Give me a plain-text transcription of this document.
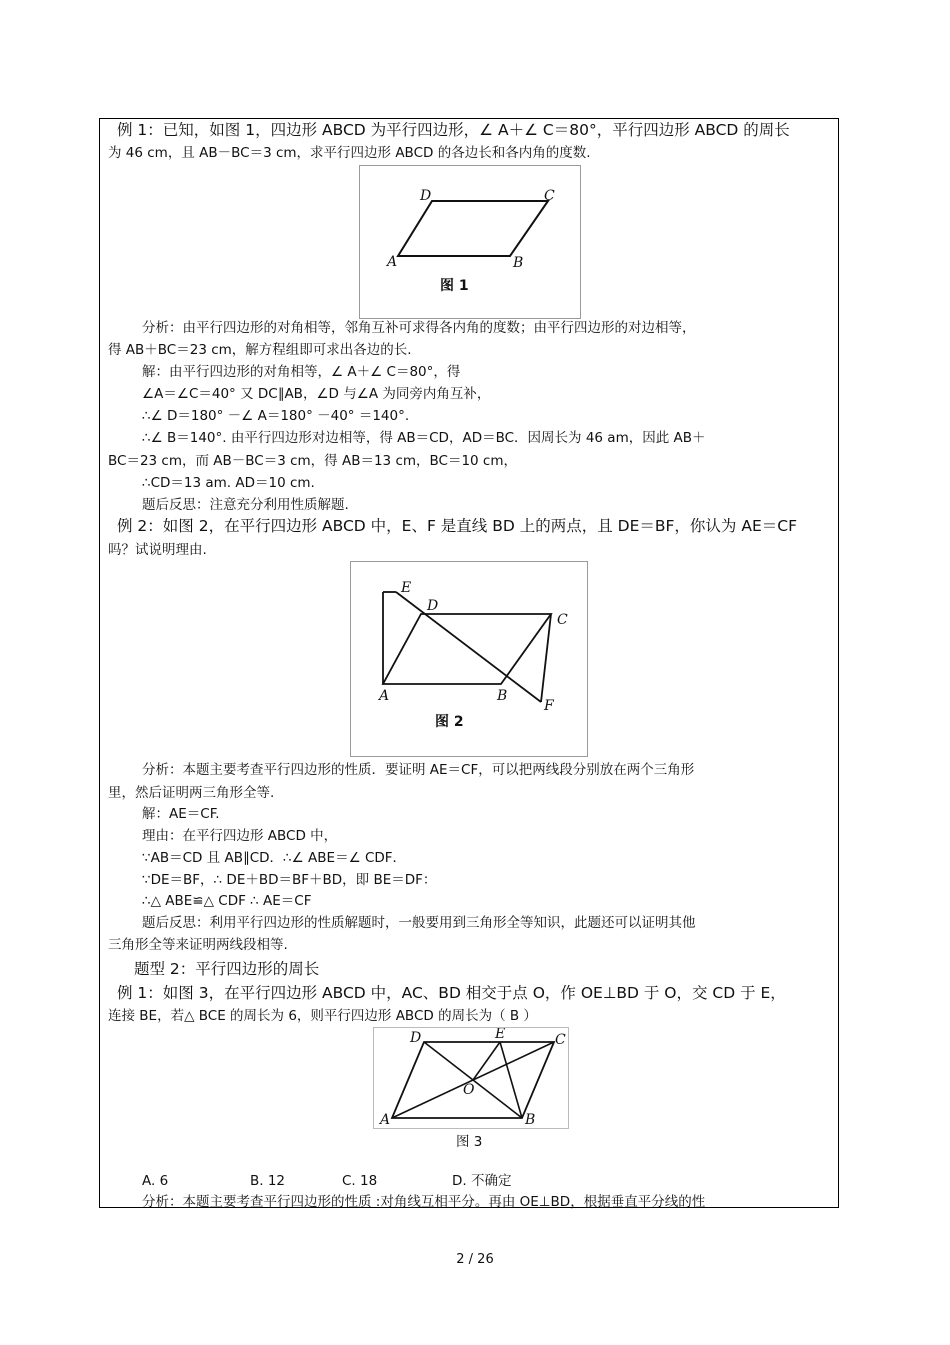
例 1：已知，如图 1，四边形 ABCD 为平行四边形，∠ A＋∠ C＝80°，平行四边形 ABCD 的周长
为 46 cm，且 AB－BC＝3 cm，求平行四边形 ABCD 的各边长和各内角的度数.
D	C
A	B
图 1
分析：由平行四边形的对角相等，邻角互补可求得各内角的度数；由平行四边形的对边相等，
得 AB＋BC＝23 cm，解方程组即可求出各边的长.
解：由平行四边形的对角相等，∠ A＋∠ C＝80°，得
∠A＝∠C＝40° 又 DC∥AB，∠D 与∠A 为同旁内角互补，
∴∠ D＝180° －∠ A＝180° －40° ＝140°.
∴∠ B＝140°. 由平行四边形对边相等，得 AB＝CD，AD＝BC．因周长为 46 am，因此 AB＋
BC＝23 cm，而 AB－BC＝3 cm，得 AB＝13 cm，BC＝10 cm，
∴CD＝13 am. AD＝10 cm.
题后反思：注意充分利用性质解题.
例 2：如图 2，在平行四边形 ABCD 中，E、F 是直线 BD 上的两点，且 DE＝BF，你认为 AE＝CF
吗？试说明理由.
E
D
C
A	B
F
图 2
分析：本题主要考查平行四边形的性质．要证明 AE＝CF，可以把两线段分别放在两个三角形
里，然后证明两三角形全等.
解：AE＝CF.
理由：在平行四边形 ABCD 中，
∵AB＝CD 且 AB∥CD．∴∠ ABE＝∠ CDF．
∵DE＝BF，∴ DE＋BD＝BF＋BD，即 BE＝DF：
∴△ ABE≌△ CDF ∴ AE＝CF
题后反思：利用平行四边形的性质解题时，一般要用到三角形全等知识，此题还可以证明其他
三角形全等来证明两线段相等.
题型 2：平行四边形的周长
例 1：如图 3，在平行四边形 ABCD 中，AC、BD 相交于点 O，作 OE⊥BD 于 O，交 CD 于 E，
连接 BE，若△ BCE 的周长为 6，则平行四边形 ABCD 的周长为（ B ）
D	E	C
O
A	B
图 3
A. 6	B. 12	C. 18	D. 不确定
分析：本题主要考查平行四边形的性质 :对角线互相平分。再由 OE⊥BD，根据垂直平分线的性
2 / 26
